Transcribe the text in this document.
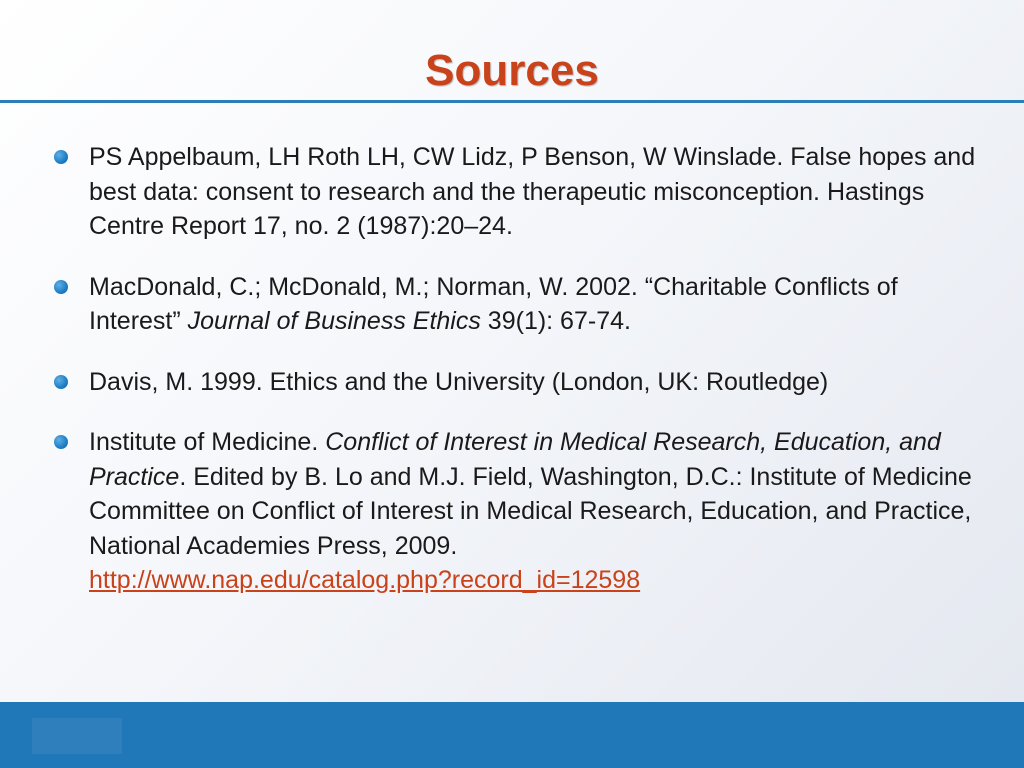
Sources
PS Appelbaum, LH Roth LH, CW Lidz, P Benson, W Winslade. False hopes and best data: consent to research and the therapeutic misconception. Hastings Centre Report 17, no. 2 (1987):20–24.
MacDonald, C.; McDonald, M.; Norman, W. 2002. “Charitable Conflicts of Interest” Journal of Business Ethics 39(1): 67-74.
Davis, M. 1999. Ethics and the University (London, UK: Routledge)
Institute of Medicine. Conflict of Interest in Medical Research, Education, and Practice. Edited by B. Lo and M.J. Field, Washington, D.C.: Institute of Medicine Committee on Conflict of Interest in Medical Research, Education, and Practice, National Academies Press, 2009.
http://www.nap.edu/catalog.php?record_id=12598
